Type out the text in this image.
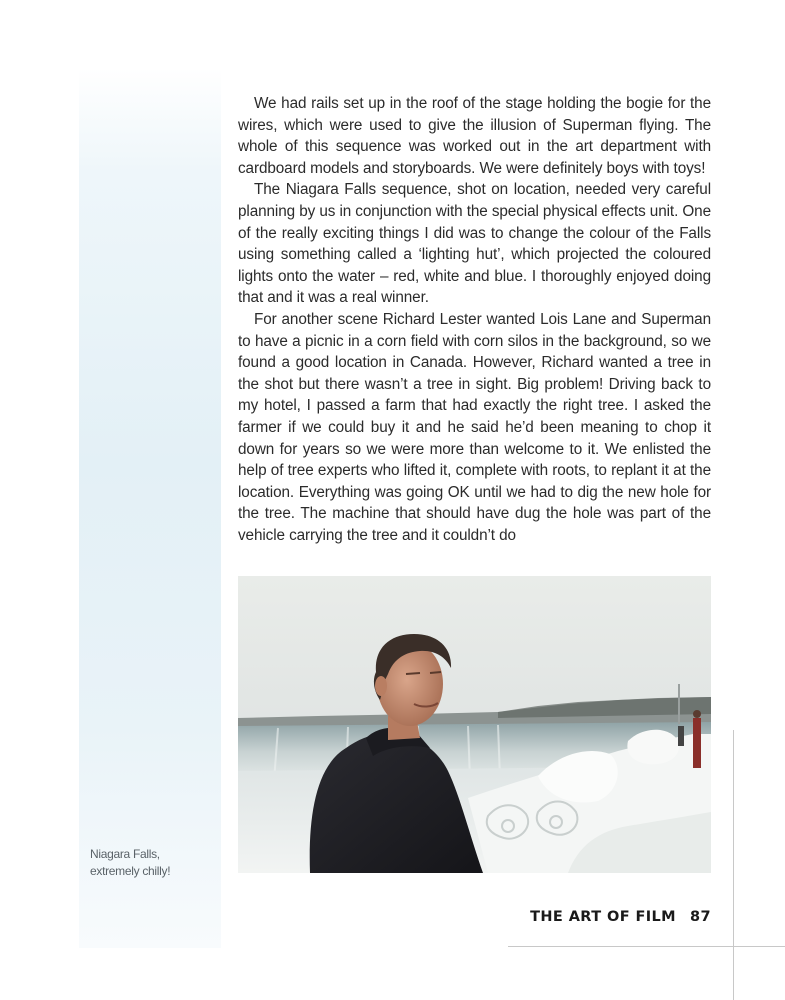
We had rails set up in the roof of the stage holding the bogie for the wires, which were used to give the illusion of Superman flying. The whole of this sequence was worked out in the art department with cardboard models and storyboards. We were definitely boys with toys!

The Niagara Falls sequence, shot on location, needed very careful planning by us in conjunction with the special physical effects unit. One of the really exciting things I did was to change the colour of the Falls using something called a ‘lighting hut’, which projected the coloured lights onto the water – red, white and blue. I thoroughly enjoyed doing that and it was a real winner.

For another scene Richard Lester wanted Lois Lane and Superman to have a picnic in a corn field with corn silos in the background, so we found a good location in Canada. However, Richard wanted a tree in the shot but there wasn’t a tree in sight. Big problem! Driving back to my hotel, I passed a farm that had exactly the right tree. I asked the farmer if we could buy it and he said he’d been meaning to chop it down for years so we were more than welcome to it. We enlisted the help of tree experts who lifted it, complete with roots, to replant it at the location. Everything was going OK until we had to dig the new hole for the tree. The machine that should have dug the hole was part of the vehicle carrying the tree and it couldn’t do

Niagara Falls,
extremely chilly!
THE ART OF FILM 87
